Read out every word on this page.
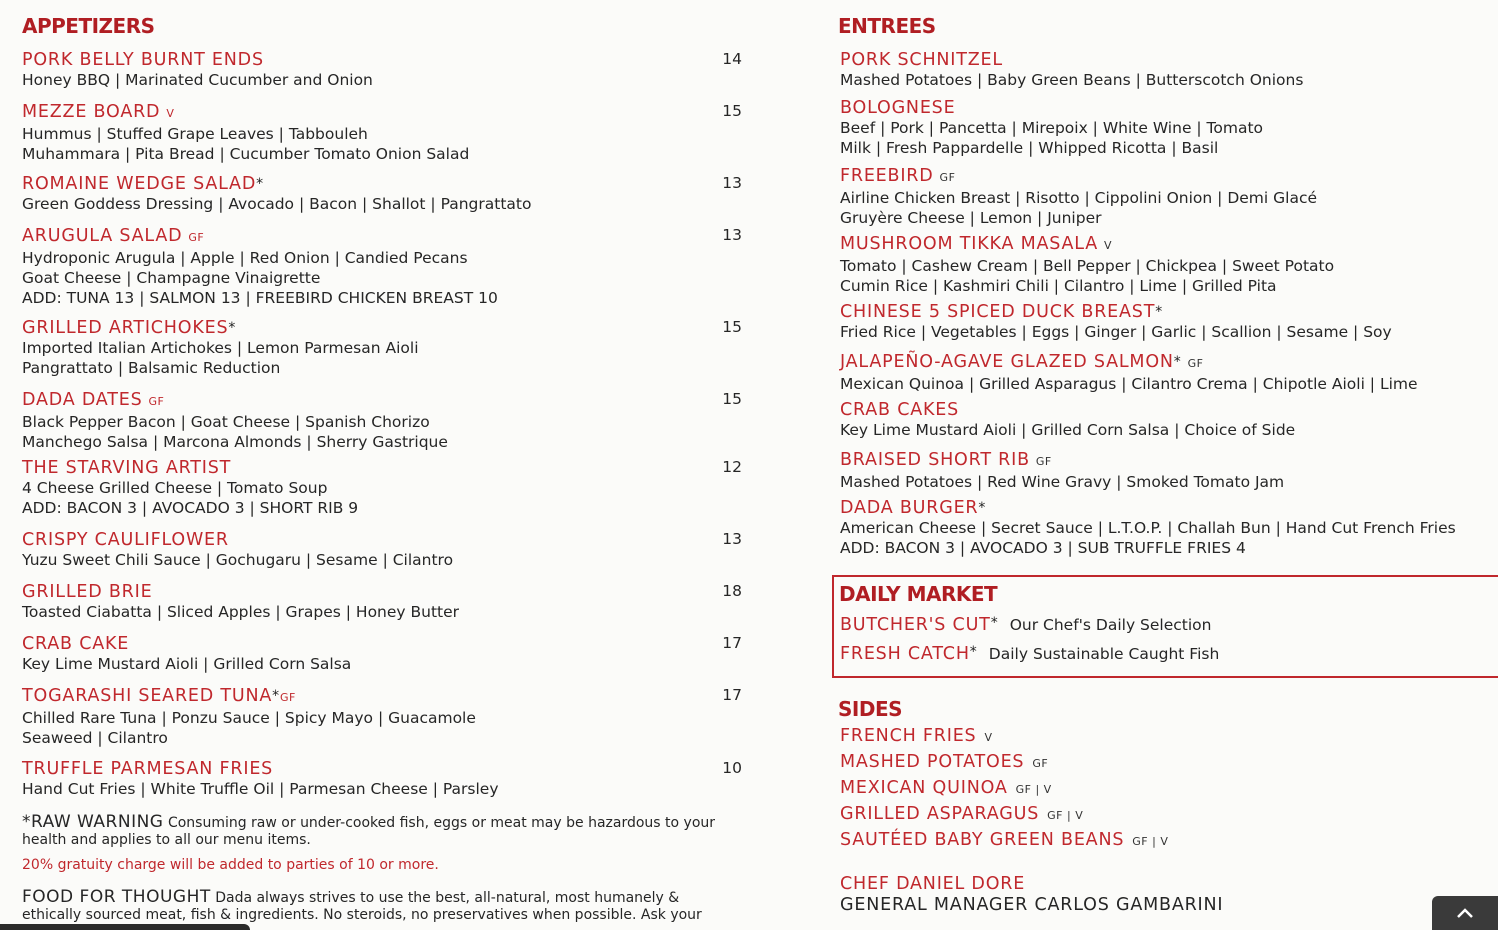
APPETIZERS
PORK BELLY BURNT ENDS
Honey BBQ | Marinated Cucumber and Onion
14
MEZZE BOARD V
Hummus | Stuffed Grape Leaves | Tabbouleh
Muhammara | Pita Bread | Cucumber Tomato Onion Salad
15
ROMAINE WEDGE SALAD*
Green Goddess Dressing | Avocado | Bacon | Shallot | Pangrattato
13
ARUGULA SALAD GF
Hydroponic Arugula | Apple | Red Onion | Candied Pecans
Goat Cheese | Champagne Vinaigrette
ADD: TUNA 13 | SALMON 13 | FREEBIRD CHICKEN BREAST 10
13
GRILLED ARTICHOKES*
Imported Italian Artichokes | Lemon Parmesan Aioli
Pangrattato | Balsamic Reduction
15
DADA DATES GF
Black Pepper Bacon | Goat Cheese | Spanish Chorizo
Manchego Salsa | Marcona Almonds | Sherry Gastrique
15
THE STARVING ARTIST
4 Cheese Grilled Cheese | Tomato Soup
ADD: BACON 3 | AVOCADO 3 | SHORT RIB 9
12
CRISPY CAULIFLOWER
Yuzu Sweet Chili Sauce | Gochugaru | Sesame | Cilantro
13
GRILLED BRIE
Toasted Ciabatta | Sliced Apples | Grapes | Honey Butter
18
CRAB CAKE
Key Lime Mustard Aioli | Grilled Corn Salsa
17
TOGARASHI SEARED TUNA*GF
Chilled Rare Tuna | Ponzu Sauce | Spicy Mayo | Guacamole
Seaweed | Cilantro
17
TRUFFLE PARMESAN FRIES
Hand Cut Fries | White Truffle Oil | Parmesan Cheese | Parsley
10
*RAW WARNING Consuming raw or under-cooked fish, eggs or meat may be hazardous to your health and applies to all our menu items.
20% gratuity charge will be added to parties of 10 or more.
FOOD FOR THOUGHT Dada always strives to use the best, all-natural, most humanely & ethically sourced meat, fish & ingredients. No steroids, no preservatives when possible. Ask your
ENTREES
PORK SCHNITZEL
Mashed Potatoes | Baby Green Beans | Butterscotch Onions
BOLOGNESE
Beef | Pork | Pancetta | Mirepoix | White Wine | Tomato
Milk | Fresh Pappardelle | Whipped Ricotta | Basil
FREEBIRD GF
Airline Chicken Breast | Risotto | Cippolini Onion | Demi Glacé
Gruyère Cheese | Lemon | Juniper
MUSHROOM TIKKA MASALA V
Tomato | Cashew Cream | Bell Pepper | Chickpea | Sweet Potato
Cumin Rice | Kashmiri Chili | Cilantro | Lime | Grilled Pita
CHINESE 5 SPICED DUCK BREAST*
Fried Rice | Vegetables | Eggs | Ginger | Garlic | Scallion | Sesame | Soy
JALAPEÑO-AGAVE GLAZED SALMON* GF
Mexican Quinoa | Grilled Asparagus | Cilantro Crema | Chipotle Aioli | Lime
CRAB CAKES
Key Lime Mustard Aioli | Grilled Corn Salsa | Choice of Side
BRAISED SHORT RIB GF
Mashed Potatoes | Red Wine Gravy | Smoked Tomato Jam
DADA BURGER*
American Cheese | Secret Sauce | L.T.O.P. | Challah Bun | Hand Cut French Fries
ADD: BACON 3 | AVOCADO 3 | SUB TRUFFLE FRIES 4
DAILY MARKET
BUTCHER'S CUT* Our Chef's Daily Selection
FRESH CATCH* Daily Sustainable Caught Fish
SIDES
FRENCH FRIES V
MASHED POTATOES GF
MEXICAN QUINOA GF | V
GRILLED ASPARAGUS GF | V
SAUTÉED BABY GREEN BEANS GF | V
CHEF DANIEL DORE
GENERAL MANAGER CARLOS GAMBARINI
